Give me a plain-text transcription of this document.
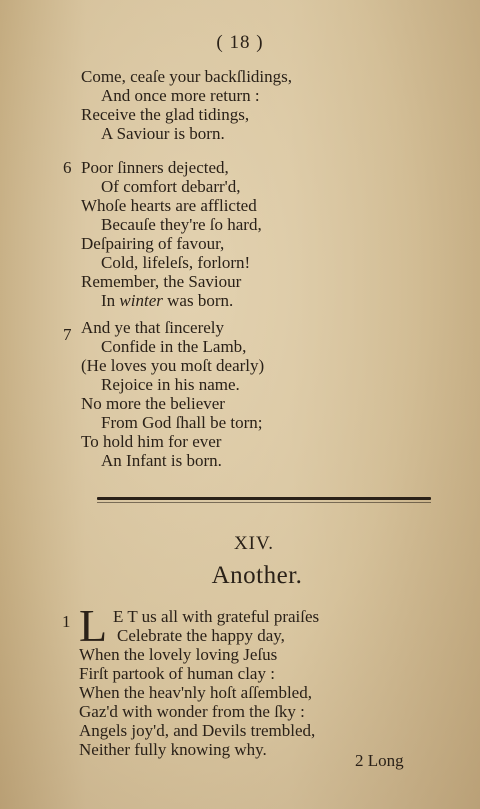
( 18 )
Come, ceaſe your backſlidings,
And once more return :
Receive the glad tidings,
A Saviour is born.
6 Poor ſinners dejected,
Of comfort debarr'd,
Whoſe hearts are afflicted
Becauſe they're ſo hard,
Deſpairing of favour,
Cold, lifeleſs, forlorn!
Remember, the Saviour
In winter was born.
7 And ye that ſincerely
Confide in the Lamb,
(He loves you moſt dearly)
Rejoice in his name.
No more the believer
From God ſhall be torn;
To hold him for ever
An Infant is born.
XIV.
Another.
1 L E T us all with grateful praiſes
Celebrate the happy day,
When the lovely loving Jeſus
Firſt partook of human clay :
When the heav'nly hoſt aſſembled,
Gaz'd with wonder from the ſky :
Angels joy'd, and Devils trembled,
Neither fully knowing why.
2 Long
